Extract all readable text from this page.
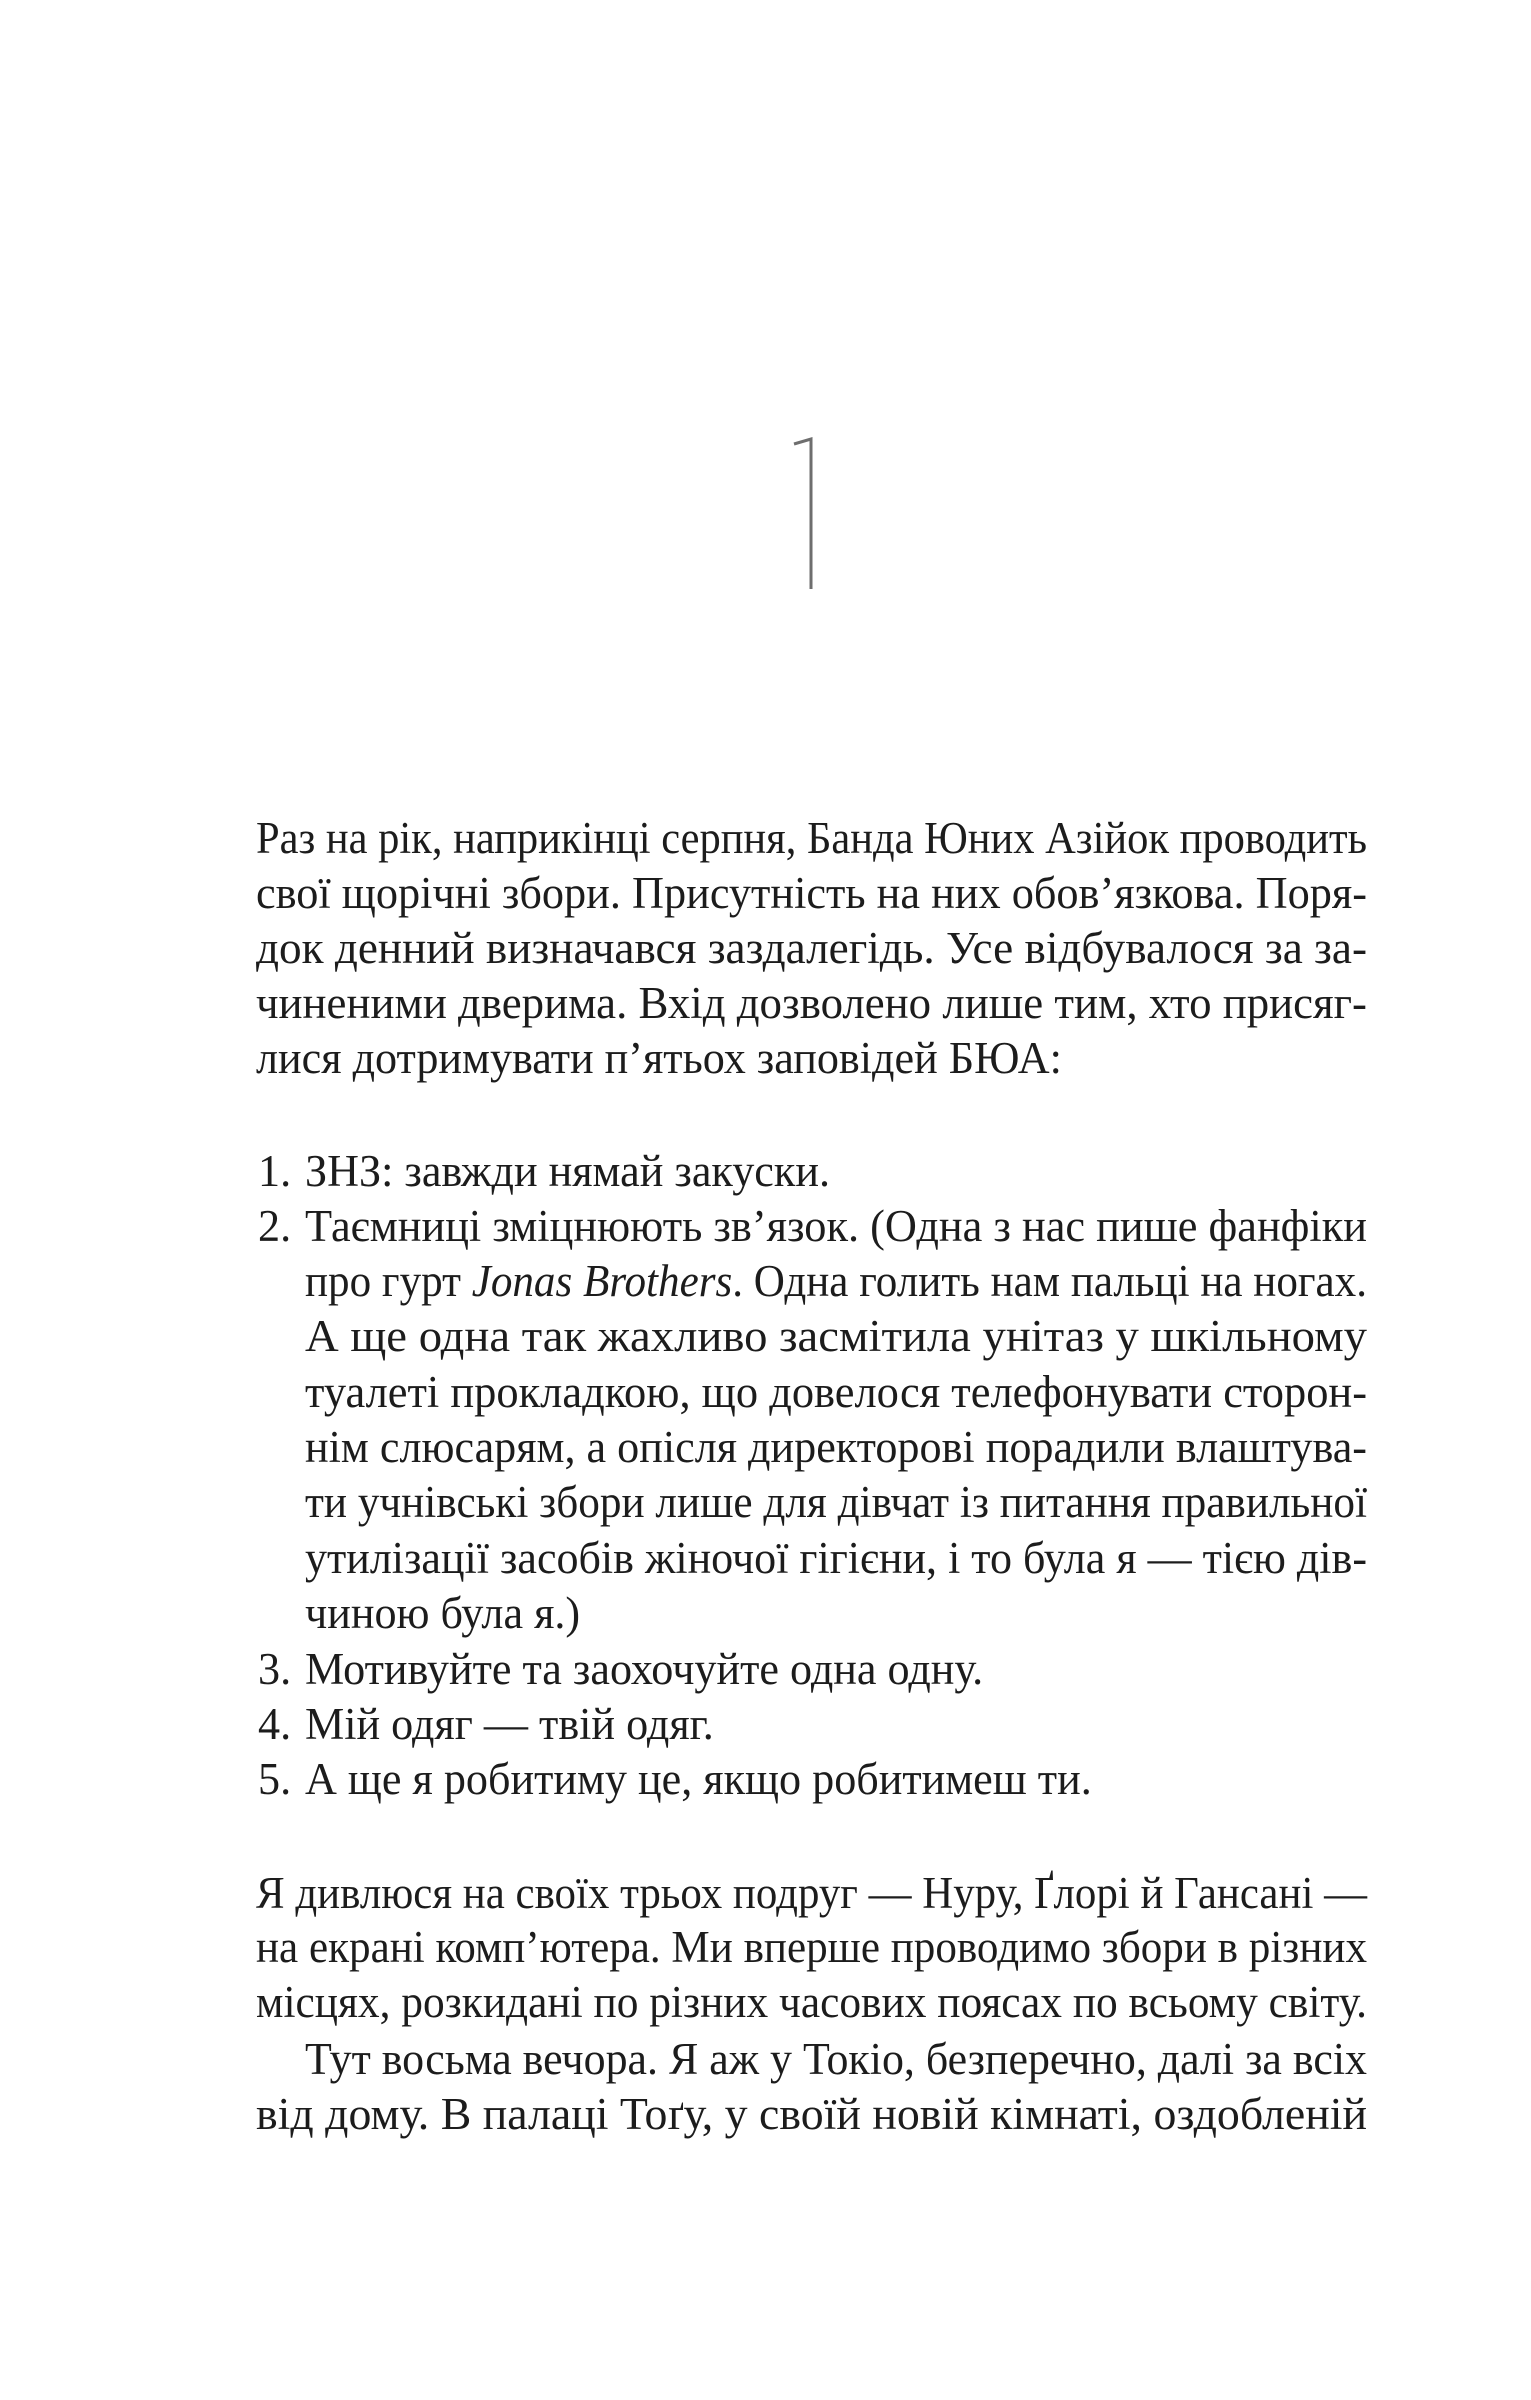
Раз на рік, наприкінці серпня, Банда Юних Азійок проводить
свої щорічні збори. Присутність на них обов’язкова. Поря-
док денний визначався заздалегідь. Усе відбувалося за за-
чиненими дверима. Вхід дозволено лише тим, хто присяг-
лися дотримувати п’ятьох заповідей БЮА:
1. ЗНЗ: завжди нямай закуски.
2. Таємниці зміцнюють зв’язок. (Одна з нас пише фанфіки
про гурт Jonas Brothers. Одна голить нам пальці на ногах.
А ще одна так жахливо засмітила унітаз у шкільному
туалеті прокладкою, що довелося телефонувати сторон-
нім слюсарям, а опісля директорові порадили влаштува-
ти учнівські збори лише для дівчат із питання правильної
утилізації засобів жіночої гігієни, і то була я — тією дів-
чиною була я.)
3. Мотивуйте та заохочуйте одна одну.
4. Мій одяг — твій одяг.
5. А ще я робитиму це, якщо робитимеш ти.
Я дивлюся на своїх трьох подруг — Нуру, Ґлорі й Гансані —
на екрані комп’ютера. Ми вперше проводимо збори в різних
місцях, розкидані по різних часових поясах по всьому світу.
Тут восьма вечора. Я аж у Токіо, безперечно, далі за всіх
від дому. В палаці Тоґу, у своїй новій кімнаті, оздобленій
